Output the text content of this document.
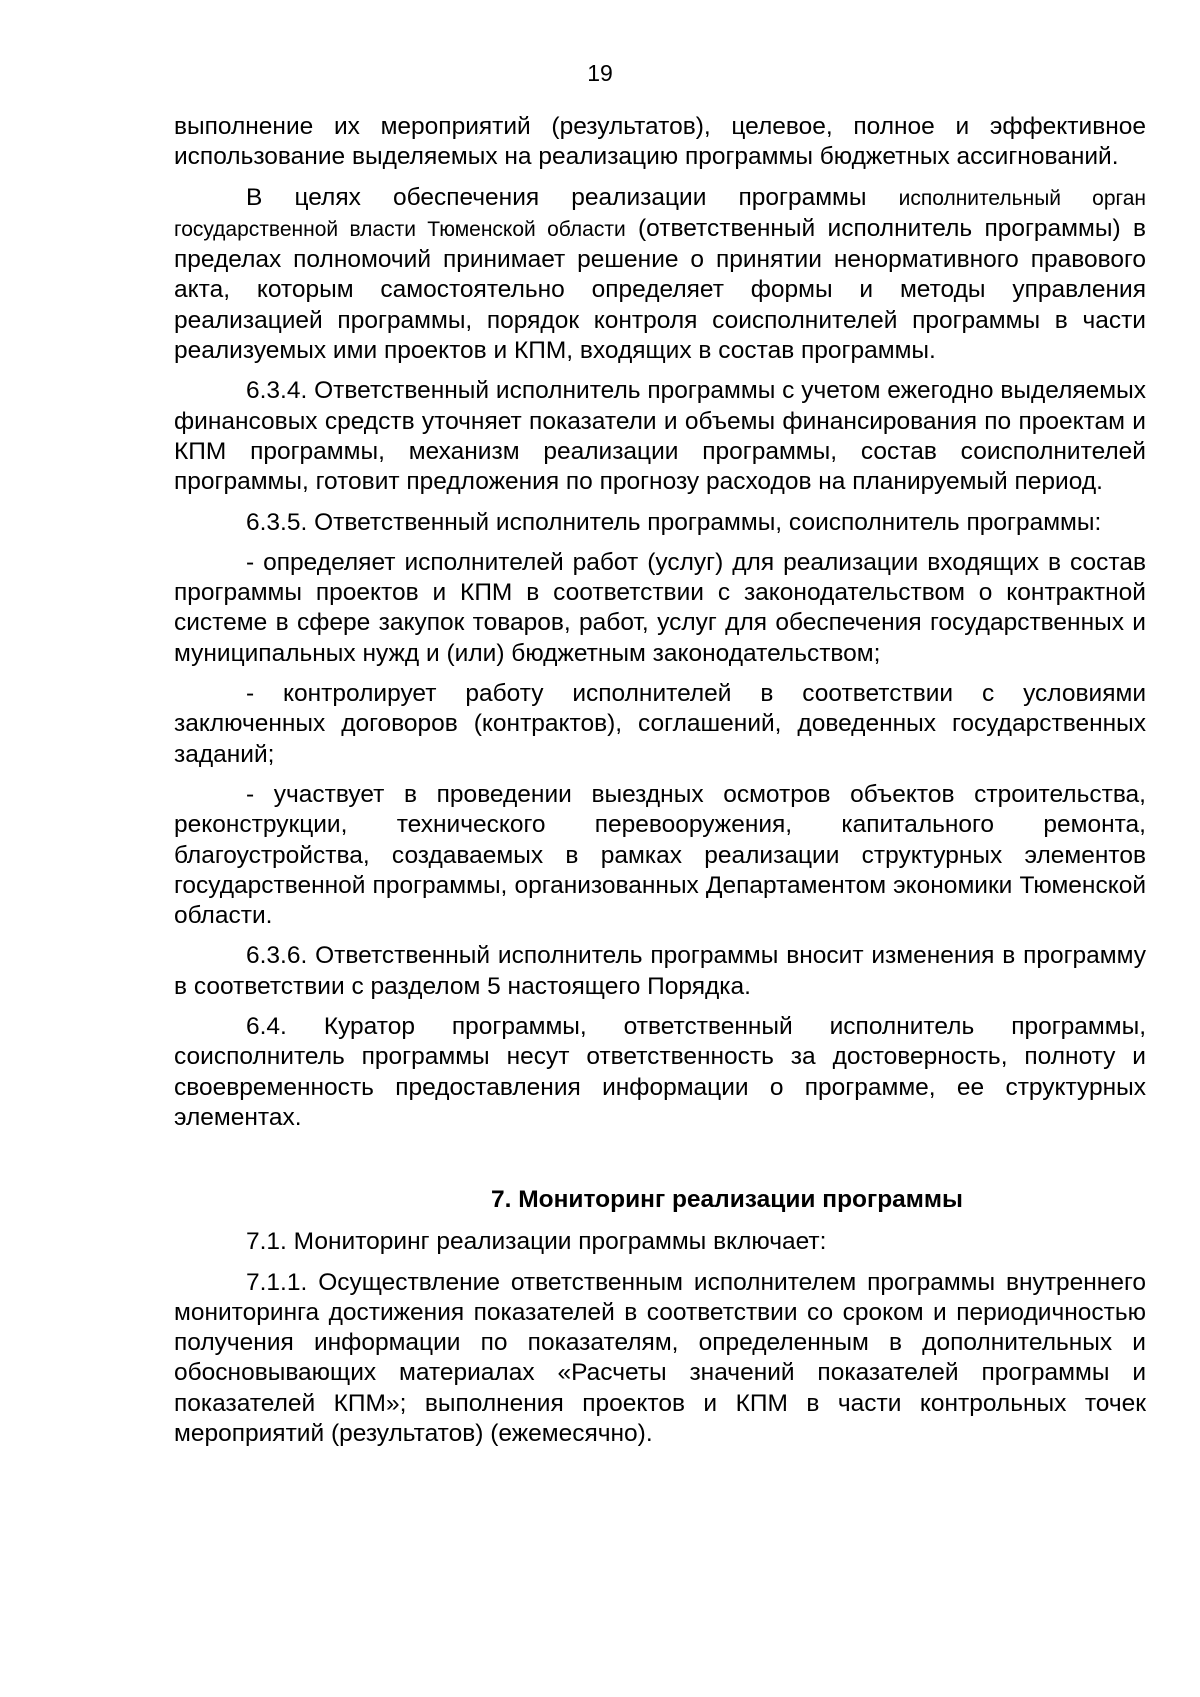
19

выполнение их мероприятий (результатов), целевое, полное и эффективное использование выделяемых на реализацию программы бюджетных ассигнований.

В целях обеспечения реализации программы исполнительный орган государственной власти Тюменской области (ответственный исполнитель программы) в пределах полномочий принимает решение о принятии ненормативного правового акта, которым самостоятельно определяет формы и методы управления реализацией программы, порядок контроля соисполнителей программы в части реализуемых ими проектов и КПМ, входящих в состав программы.

6.3.4. Ответственный исполнитель программы с учетом ежегодно выделяемых финансовых средств уточняет показатели и объемы финансирования по проектам и КПМ программы, механизм реализации программы, состав соисполнителей программы, готовит предложения по прогнозу расходов на планируемый период.

6.3.5. Ответственный исполнитель программы, соисполнитель программы:

- определяет исполнителей работ (услуг) для реализации входящих в состав программы проектов и КПМ в соответствии с законодательством о контрактной системе в сфере закупок товаров, работ, услуг для обеспечения государственных и муниципальных нужд и (или) бюджетным законодательством;

- контролирует работу исполнителей в соответствии с условиями заключенных договоров (контрактов), соглашений, доведенных государственных заданий;

- участвует в проведении выездных осмотров объектов строительства, реконструкции, технического перевооружения, капитального ремонта, благоустройства, создаваемых в рамках реализации структурных элементов государственной программы, организованных Департаментом экономики Тюменской области.

6.3.6. Ответственный исполнитель программы вносит изменения в программу в соответствии с разделом 5 настоящего Порядка.

6.4. Куратор программы, ответственный исполнитель программы, соисполнитель программы несут ответственность за достоверность, полноту и своевременность предоставления информации о программе, ее структурных элементах.

7. Мониторинг реализации программы

7.1. Мониторинг реализации программы включает:

7.1.1. Осуществление ответственным исполнителем программы внутреннего мониторинга достижения показателей в соответствии со сроком и периодичностью получения информации по показателям, определенным в дополнительных и обосновывающих материалах «Расчеты значений показателей программы и показателей КПМ»; выполнения проектов и КПМ в части контрольных точек мероприятий (результатов) (ежемесячно).
